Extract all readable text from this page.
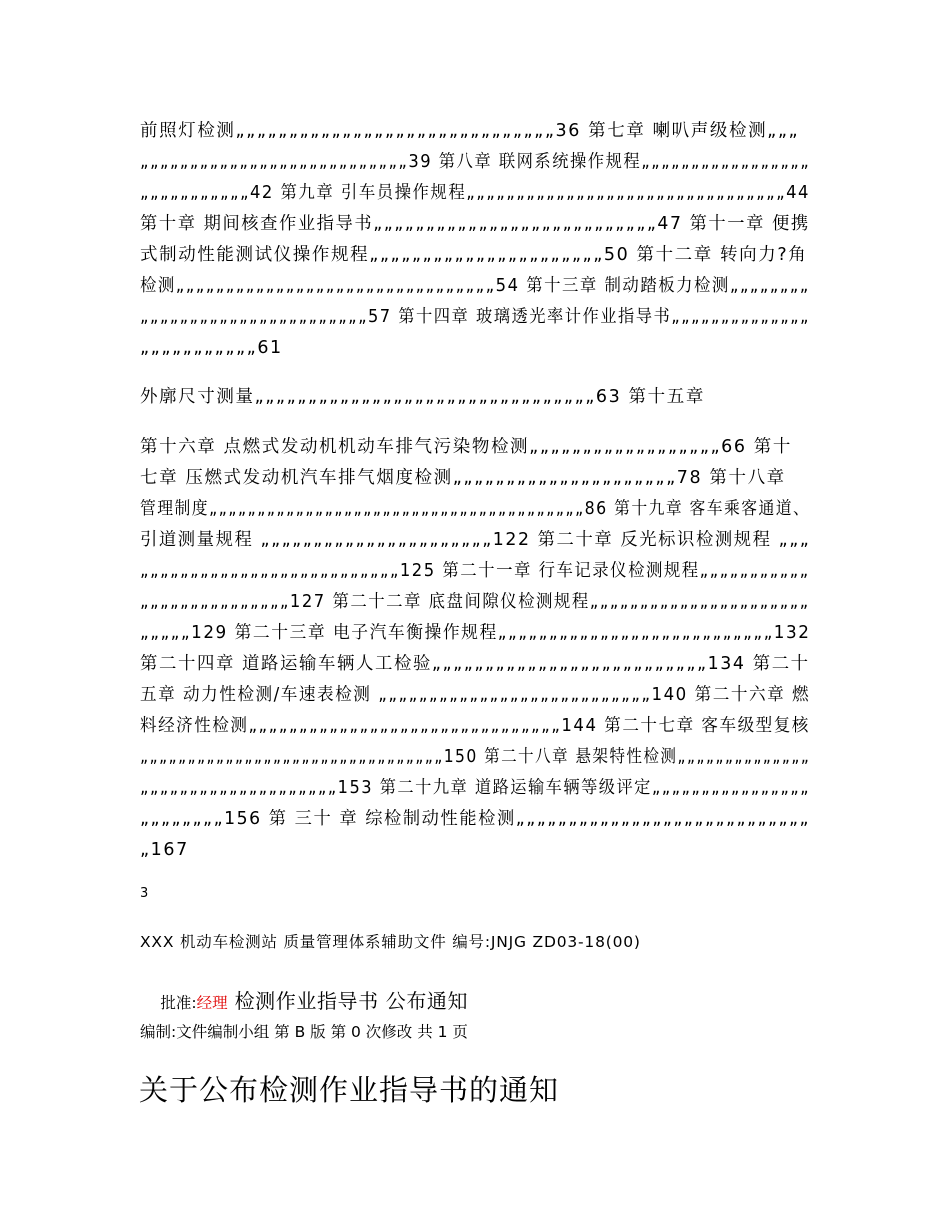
前照灯检测„„„„„„„„„„„„„„„„„„„„„„„„„„„„„„36 第七章 喇叭声级检测„„„
„„„„„„„„„„„„„„„„„„„„„„„„„„„39 第八章 联网系统操作规程„„„„„„„„„„„„„„„„„
„„„„„„„„„„„42 第九章 引车员操作规程„„„„„„„„„„„„„„„„„„„„„„„„„„„„„„„„44
第十章 期间核查作业指导书„„„„„„„„„„„„„„„„„„„„„„„„„„„47 第十一章 便携
式制动性能测试仪操作规程„„„„„„„„„„„„„„„„„„„„„„50 第十二章 转向力?角
检测„„„„„„„„„„„„„„„„„„„„„„„„„„„„„„„„54 第十三章 制动踏板力检测„„„„„„„„
„„„„„„„„„„„„„„„„„„„„„„„57 第十四章 玻璃透光率计作业指导书„„„„„„„„„„„„„„
„„„„„„„„„„„61
外廓尺寸测量„„„„„„„„„„„„„„„„„„„„„„„„„„„„„„„„63 第十五章
第十六章 点燃式发动机机动车排气污染物检测„„„„„„„„„„„„„„„„„„66 第十
七章 压燃式发动机汽车排气烟度检测„„„„„„„„„„„„„„„„„„„„„78 第十八章
管理制度„„„„„„„„„„„„„„„„„„„„„„„„„„„„„„„„„„„„„„„86 第十九章 客车乘客通道、
引道测量规程 „„„„„„„„„„„„„„„„„„„„„„122 第二十章 反光标识检测规程 „„„
„„„„„„„„„„„„„„„„„„„„„„„„„„125 第二十一章 行车记录仪检测规程„„„„„„„„„„„
„„„„„„„„„„„„„„„127 第二十二章 底盘间隙仪检测规程„„„„„„„„„„„„„„„„„„„„„„
„„„„„129 第二十三章 电子汽车衡操作规程„„„„„„„„„„„„„„„„„„„„„„„„„„„132
第二十四章 道路运输车辆人工检验„„„„„„„„„„„„„„„„„„„„„„„„„„134 第二十
五章 动力性检测/车速表检测 „„„„„„„„„„„„„„„„„„„„„„„„„„„140 第二十六章 燃
料经济性检测„„„„„„„„„„„„„„„„„„„„„„„„„„„„„„„144 第二十七章 客车级型复核
„„„„„„„„„„„„„„„„„„„„„„„„„„„„„„„„150 第二十八章 悬架特性检测„„„„„„„„„„„„„„
„„„„„„„„„„„„„„„„„„„„153 第二十九章 道路运输车辆等级评定„„„„„„„„„„„„„„„„
„„„„„„„„156 第 三十 章 综检制动性能检测„„„„„„„„„„„„„„„„„„„„„„„„„„„„
„167
3
XXX 机动车检测站 质量管理体系辅助文件 编号:JNJG ZD03-18(00)

批准:经理 检测作业指导书 公布通知

编制:文件编制小组 第 B 版 第 0 次修改 共 1 页
关于公布检测作业指导书的通知
